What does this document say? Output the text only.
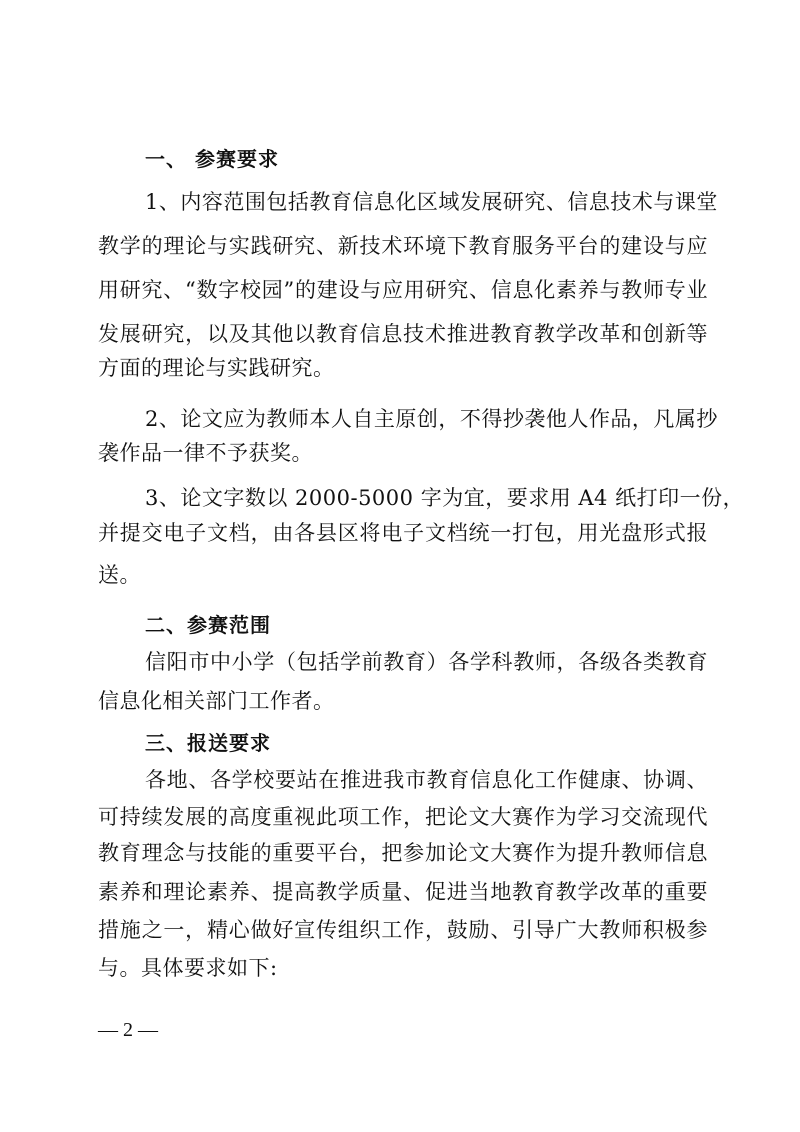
一、 参赛要求
1、内容范围包括教育信息化区域发展研究、信息技术与课堂
教学的理论与实践研究、新技术环境下教育服务平台的建设与应
用研究、“数字校园”的建设与应用研究、信息化素养与教师专业
发展研究，以及其他以教育信息技术推进教育教学改革和创新等
方面的理论与实践研究。
2、论文应为教师本人自主原创，不得抄袭他人作品，凡属抄
袭作品一律不予获奖。
3、论文字数以 2000-5000 字为宜，要求用 A4 纸打印一份，
并提交电子文档，由各县区将电子文档统一打包，用光盘形式报
送。
二、参赛范围
信阳市中小学（包括学前教育）各学科教师，各级各类教育
信息化相关部门工作者。
三、报送要求
各地、各学校要站在推进我市教育信息化工作健康、协调、
可持续发展的高度重视此项工作，把论文大赛作为学习交流现代
教育理念与技能的重要平台，把参加论文大赛作为提升教师信息
素养和理论素养、提高教学质量、促进当地教育教学改革的重要
措施之一，精心做好宣传组织工作，鼓励、引导广大教师积极参
与。具体要求如下:
— 2 —
